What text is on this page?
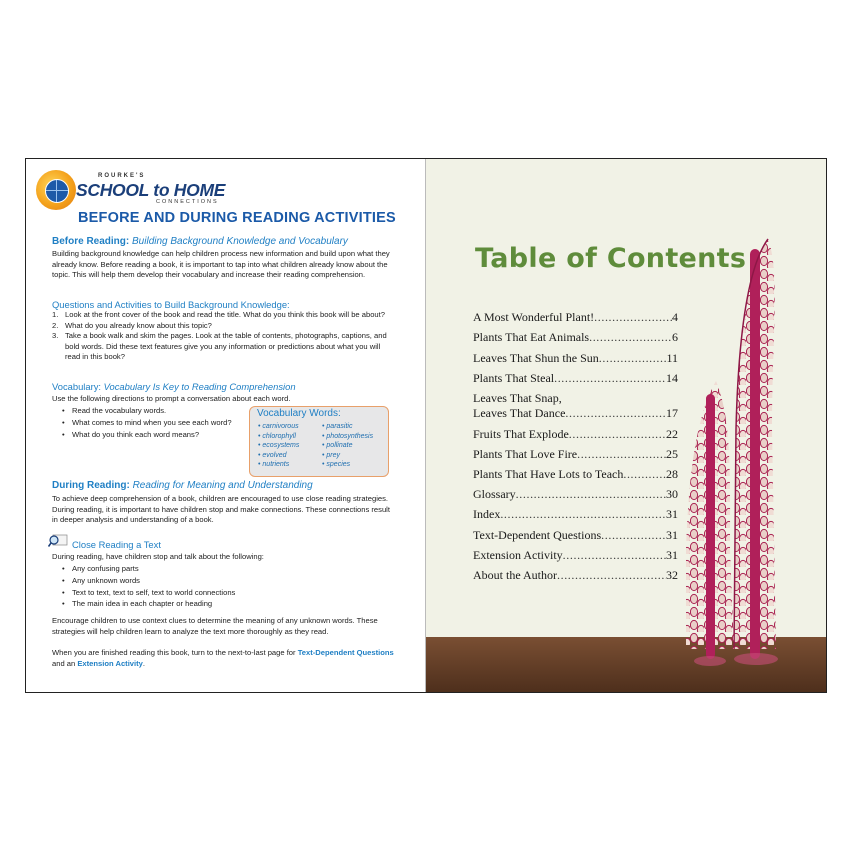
ROURKE'S
SCHOOL to HOME
CONNECTIONS
BEFORE AND DURING READING ACTIVITIES
Before Reading: Building Background Knowledge and Vocabulary
Building background knowledge can help children process new information and build upon what they already know. Before reading a book, it is important to tap into what children already know about the topic. This will help them develop their vocabulary and increase their reading comprehension.
Questions and Activities to Build Background Knowledge:
1. Look at the front cover of the book and read the title. What do you think this book will be about?
2. What do you already know about this topic?
3. Take a book walk and skim the pages. Look at the table of contents, photographs, captions, and bold words. Did these text features give you any information or predictions about what you will read in this book?
Vocabulary: Vocabulary Is Key to Reading Comprehension
Use the following directions to prompt a conversation about each word.
• Read the vocabulary words.
• What comes to mind when you see each word?
• What do you think each word means?
Vocabulary Words:
• carnivorous
• chlorophyll
• ecosystems
• evolved
• nutrients
• parasitic
• photosynthesis
• pollinate
• prey
• species
During Reading: Reading for Meaning and Understanding
To achieve deep comprehension of a book, children are encouraged to use close reading strategies. During reading, it is important to have children stop and make connections. These connections result in deeper analysis and understanding of a book.
Close Reading a Text
During reading, have children stop and talk about the following:
• Any confusing parts
• Any unknown words
• Text to text, text to self, text to world connections
• The main idea in each chapter or heading
Encourage children to use context clues to determine the meaning of any unknown words. These strategies will help children learn to analyze the text more thoroughly as they read.
When you are finished reading this book, turn to the next-to-last page for Text-Dependent Questions and an Extension Activity.
Table of Contents
A Most Wonderful Plant! .....	4
Plants That Eat Animals .....	6
Leaves That Shun the Sun .....	11
Plants That Steal .....	14
Leaves That Snap,
Leaves That Dance .....	17
Fruits That Explode .....	22
Plants That Love Fire .....	25
Plants That Have Lots to Teach .....	28
Glossary .....	30
Index .....	31
Text-Dependent Questions .....	31
Extension Activity .....	31
About the Author .....	32
